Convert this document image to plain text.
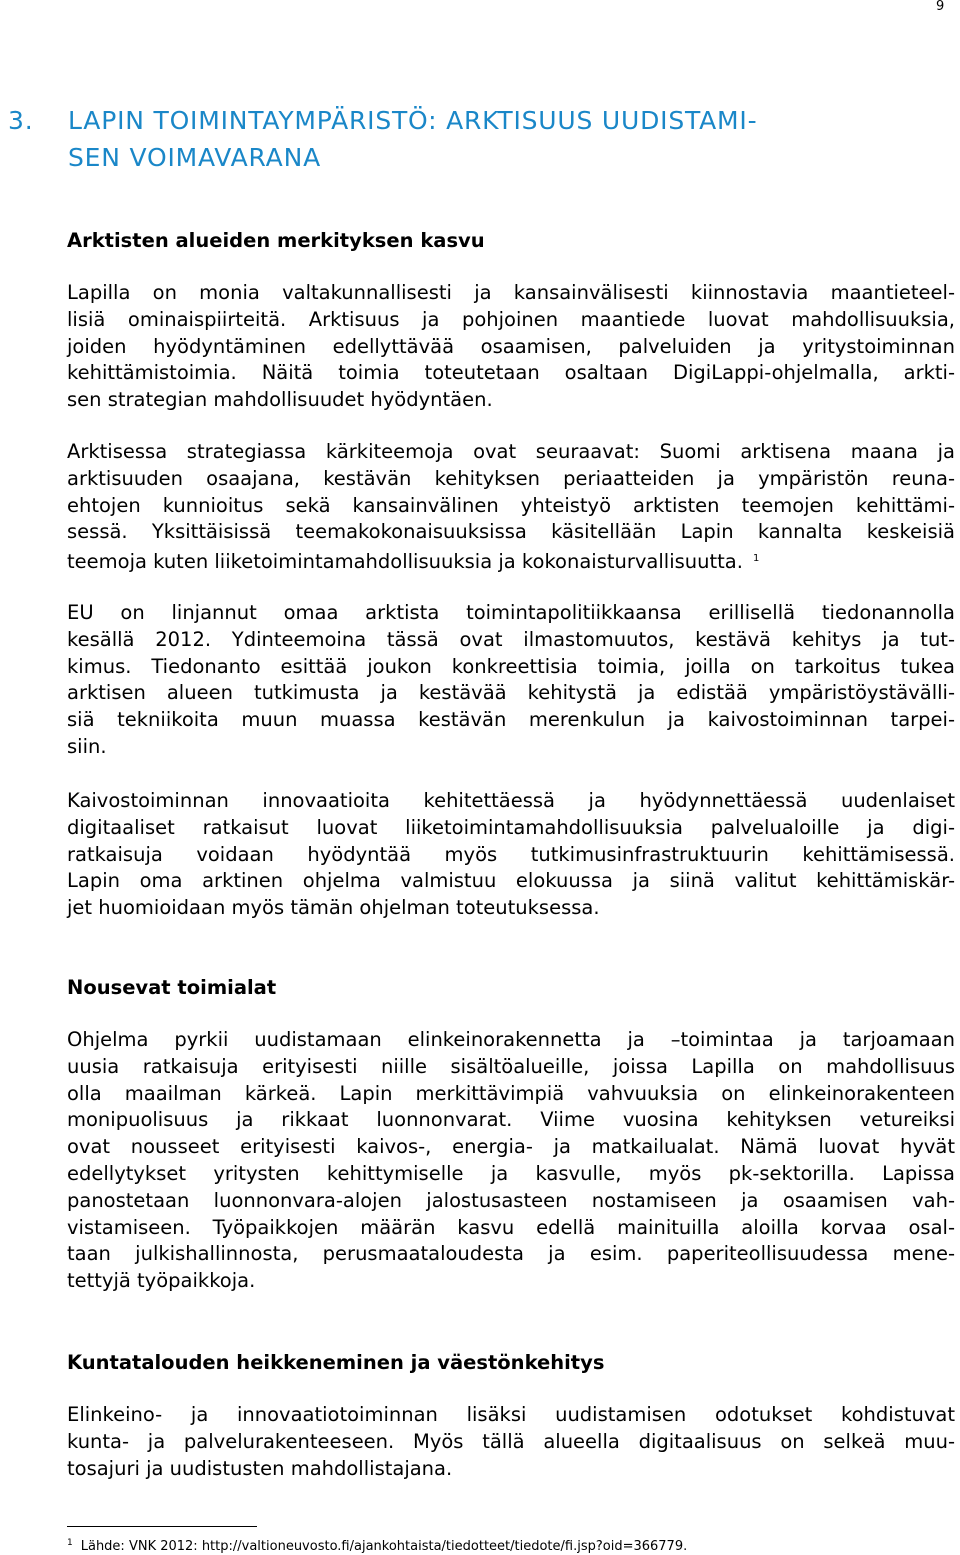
9
3. LAPIN TOIMINTAYMPÄRISTÖ: ARKTISUUS UUDISTAMI-
SEN VOIMAVARANA
Arktisten alueiden merkityksen kasvu
Lapilla on monia valtakunnallisesti ja kansainvälisesti kiinnostavia maantieteel-
lisiä ominaispiirteitä. Arktisuus ja pohjoinen maantiede luovat mahdollisuuksia,
joiden hyödyntäminen edellyttävää osaamisen, palveluiden ja yritystoiminnan
kehittämistoimia. Näitä toimia toteutetaan osaltaan DigiLappi-ohjelmalla, arkti-
sen strategian mahdollisuudet hyödyntäen.
Arktisessa strategiassa kärkiteemoja ovat seuraavat: Suomi arktisena maana ja
arktisuuden osaajana, kestävän kehityksen periaatteiden ja ympäristön reuna-
ehtojen kunnioitus sekä kansainvälinen yhteistyö arktisten teemojen kehittämi-
sessä. Yksittäisissä teemakokonaisuuksissa käsitellään Lapin kannalta keskeisiä
teemoja kuten liiketoimintamahdollisuuksia ja kokonaisturvallisuutta. $^1$
EU on linjannut omaa arktista toimintapolitiikkaansa erillisellä tiedonannolla
kesällä 2012. Ydinteemoina tässä ovat ilmastomuutos, kestävä kehitys ja tut-
kimus. Tiedonanto esittää joukon konkreettisia toimia, joilla on tarkoitus tukea
arktisen alueen tutkimusta ja kestävää kehitystä ja edistää ympäristöystävälli-
siä tekniikoita muun muassa kestävän merenkulun ja kaivostoiminnan tarpei-
siin.
Kaivostoiminnan innovaatioita kehitettäessä ja hyödynnettäessä uudenlaiset
digitaaliset ratkaisut luovat liiketoimintamahdollisuuksia palvelualoille ja digi-
ratkaisuja voidaan hyödyntää myös tutkimusinfrastruktuurin kehittämisessä.
Lapin oma arktinen ohjelma valmistuu elokuussa ja siinä valitut kehittämiskär-
jet huomioidaan myös tämän ohjelman toteutuksessa.
Nousevat toimialat
Ohjelma pyrkii uudistamaan elinkeinorakennetta ja –toimintaa ja tarjoamaan
uusia ratkaisuja erityisesti niille sisältöalueille, joissa Lapilla on mahdollisuus
olla maailman kärkeä. Lapin merkittävimpiä vahvuuksia on elinkeinorakenteen
monipuolisuus ja rikkaat luonnonvarat. Viime vuosina kehityksen vetureiksi
ovat nousseet erityisesti kaivos-, energia- ja matkailualat. Nämä luovat hyvät
edellytykset yritysten kehittymiselle ja kasvulle, myös pk-sektorilla. Lapissa
panostetaan luonnonvara-alojen jalostusasteen nostamiseen ja osaamisen vah-
vistamiseen. Työpaikkojen määrän kasvu edellä mainituilla aloilla korvaa osal-
taan julkishallinnosta, perusmaataloudesta ja esim. paperiteollisuudessa mene-
tettyjä työpaikkoja.
Kuntatalouden heikkeneminen ja väestönkehitys
Elinkeino- ja innovaatiotoiminnan lisäksi uudistamisen odotukset kohdistuvat
kunta- ja palvelurakenteeseen. Myös tällä alueella digitaalisuus on selkeä muu-
tosajuri ja uudistusten mahdollistajana.
$^1$ Lähde: VNK 2012: http://valtioneuvosto.fi/ajankohtaista/tiedotteet/tiedote/fi.jsp?oid=366779.
